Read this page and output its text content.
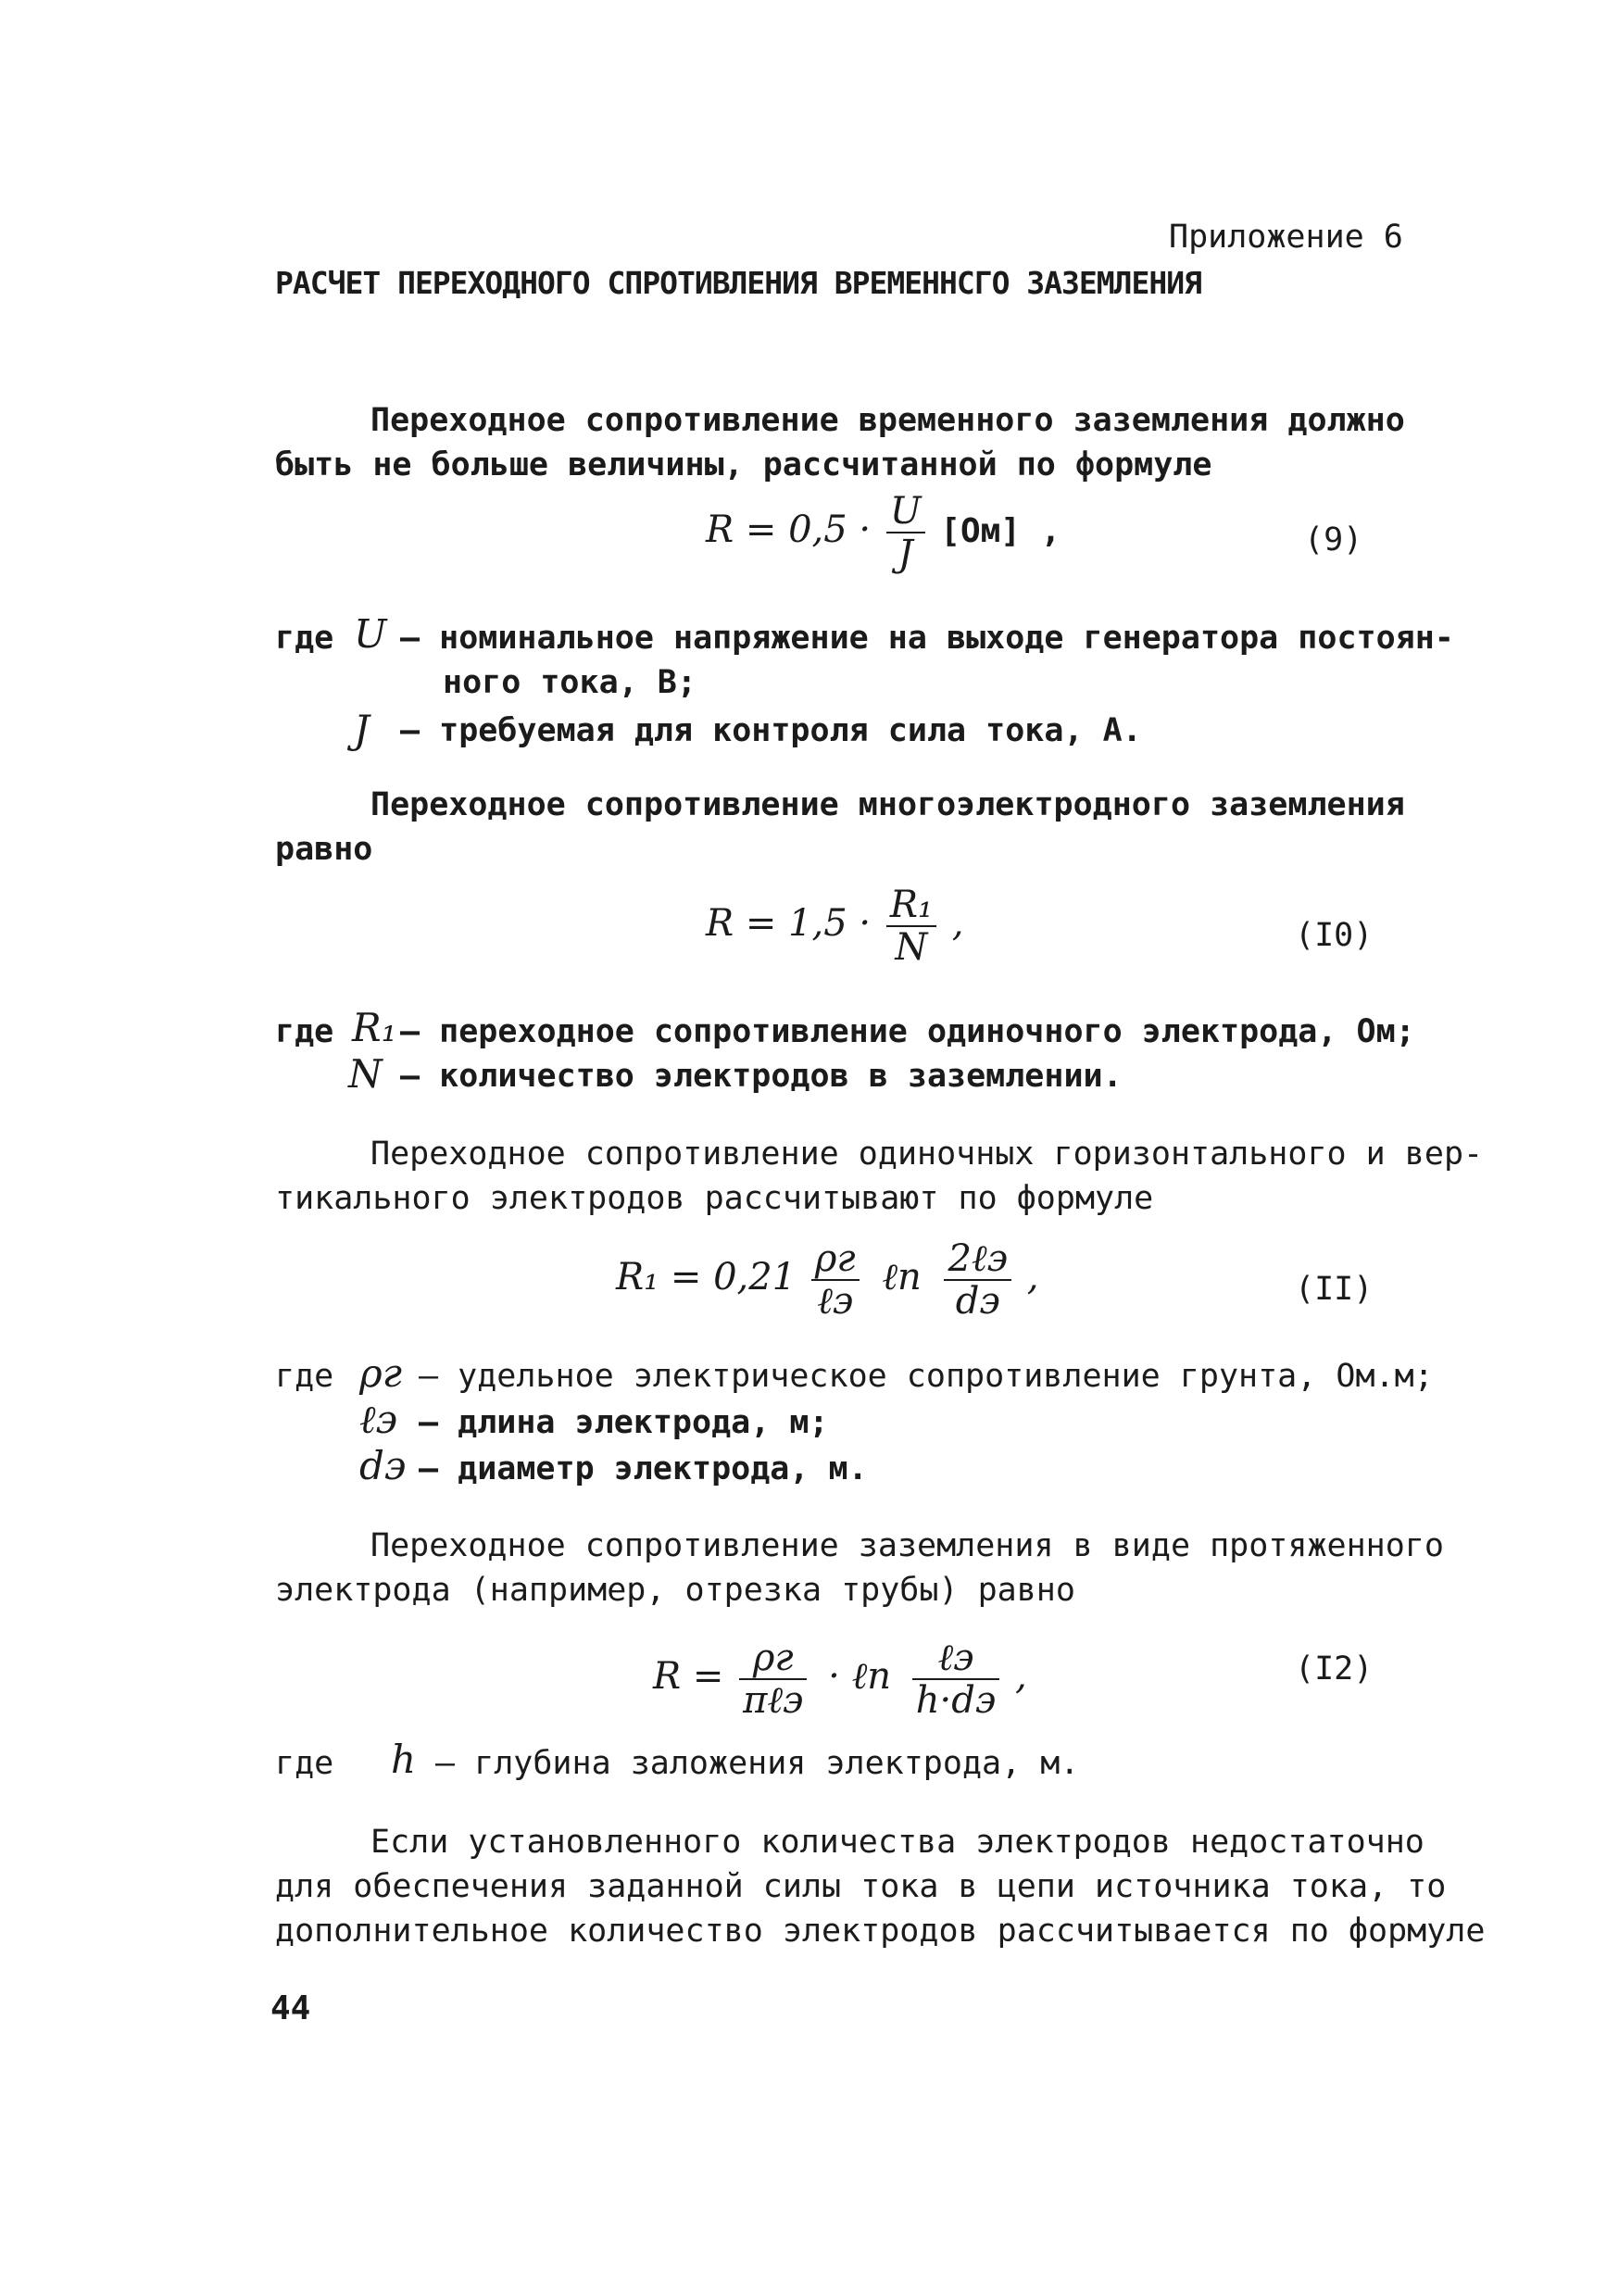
Приложение 6
РАСЧЕТ ПЕРЕХОДНОГО СПРОТИВЛЕНИЯ ВРЕМЕННСГО ЗАЗЕМЛЕНИЯ
Переходное сопротивление временного заземления должно
быть не больше величины, рассчитанной по формуле
$R = 0,5 \cdot \frac{U}{J} [Ом]$ ,	(9)
где U – номинальное напряжение на выходе генератора постоян-
ного тока, В;
J – требуемая для контроля сила тока, А.
Переходное сопротивление многоэлектродного заземления
равно
$R = 1,5 \cdot \frac{\text{R₁}}{N}$ ,	(I0)
где R₁ – переходное сопротивление одиночного электрода, Ом;
N – количество электродов в заземлении.
Переходное сопротивление одиночных горизонтального и вер-
тикального электродов рассчитывают по формуле
$R_1 = 0,21 \frac{\rho г}{\text{ℓэ}}$ ℓn $\frac{\text{2ℓэ}}{dэ}$ ,	(II)
где ρг – удельное электрическое сопротивление грунта, Ом.м;
ℓэ – длина электрода, м;
dэ – диаметр электрода, м.
Переходное сопротивление заземления в виде протяженного
электрода (например, отрезка трубы) равно
$R = \frac{\rho г}{\text{πℓэ}}$ · ℓn $\frac{\text{ℓэ}}{h\cdot dэ}$ ,	(I2)
где h – глубина заложения электрода, м.
Если установленного количества электродов недостаточно
для обеспечения заданной силы тока в цепи источника тока, то
дополнительное количество электродов рассчитывается по формуле
44
